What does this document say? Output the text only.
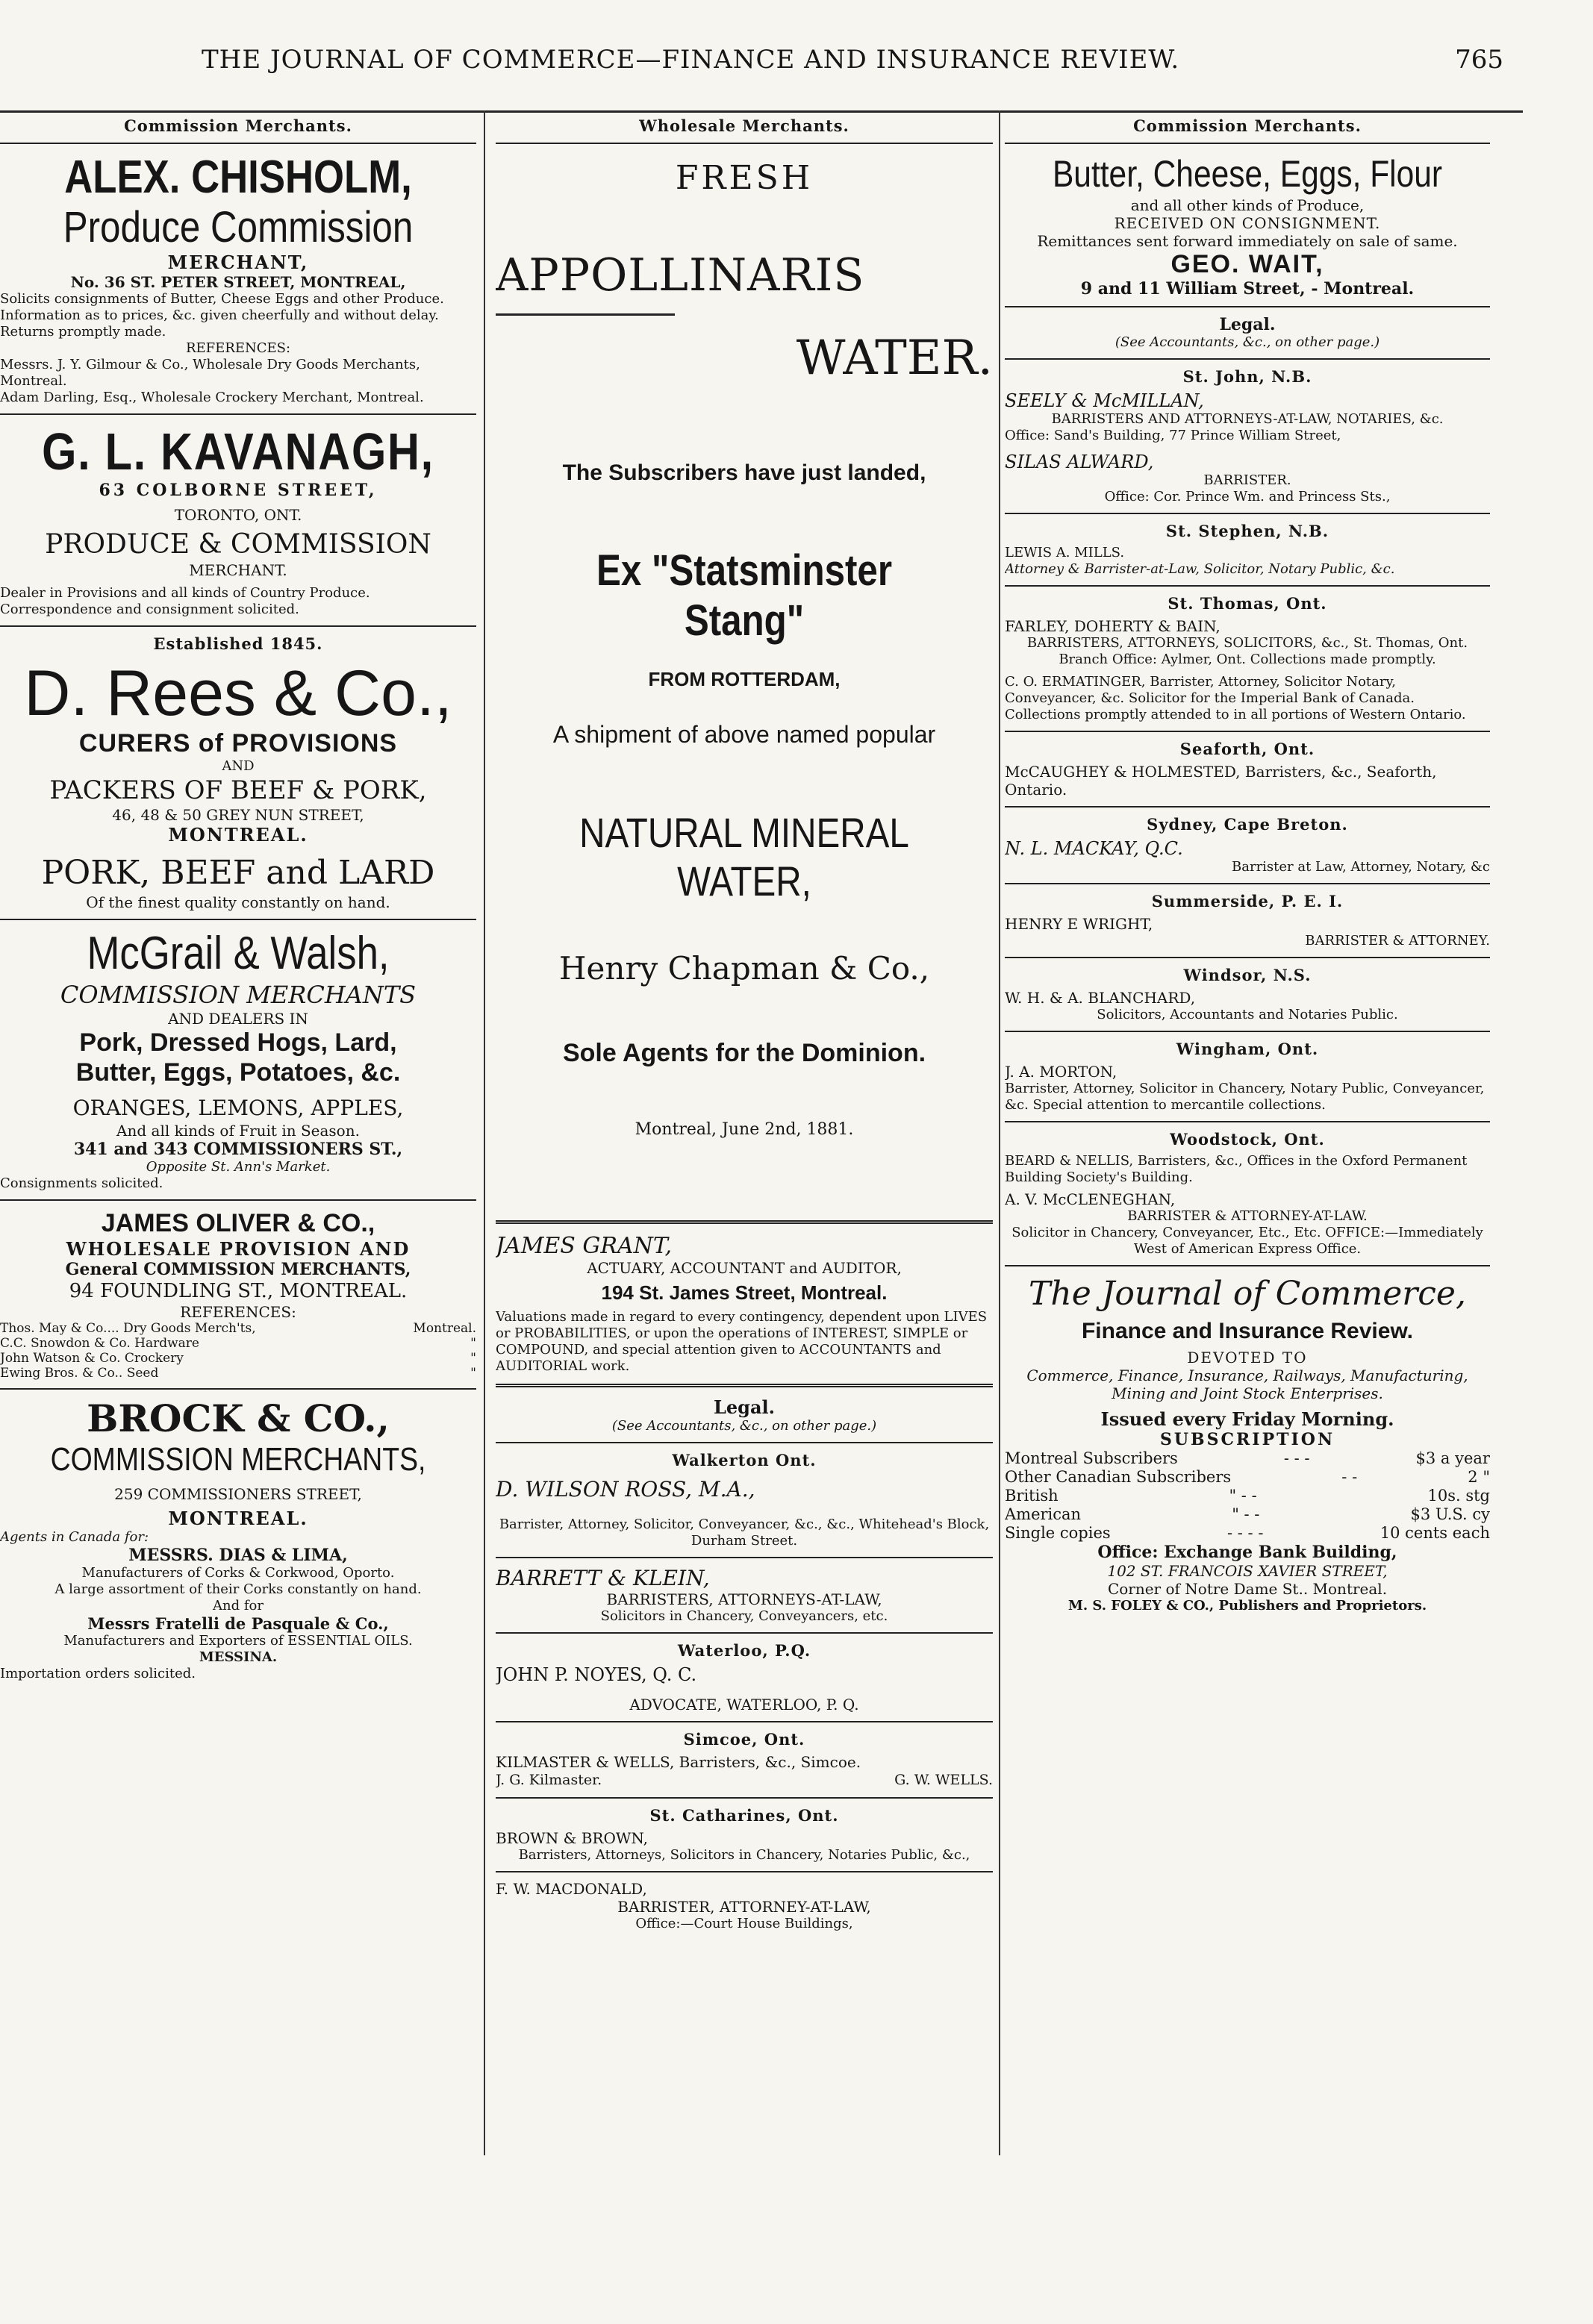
THE JOURNAL OF COMMERCE—FINANCE AND INSURANCE REVIEW.	765
Commission Merchants.
ALEX. CHISHOLM,
Produce Commission
MERCHANT,

No. 36 ST. PETER STREET, MONTREAL,

Solicits consignments of Butter, Cheese Eggs and other Produce.

Information as to prices, &c. given cheerfully and without delay. Returns promptly made.

REFERENCES:

Messrs. J. Y. Gilmour & Co., Wholesale Dry Goods Merchants, Montreal.

Adam Darling, Esq., Wholesale Crockery Merchant, Montreal.

G. L. KAVANAGH,
63 COLBORNE STREET,

TORONTO, ONT.

PRODUCE & COMMISSION

MERCHANT.

Dealer in Provisions and all kinds of Country Produce. Correspondence and consignment solicited.

Established 1845.
D. Rees & Co.,
CURERS of PROVISIONS

AND

PACKERS OF BEEF & PORK,

46, 48 & 50 GREY NUN STREET,

MONTREAL.
PORK, BEEF and LARD

Of the finest quality constantly on hand.

McGrail & Walsh,
COMMISSION MERCHANTS

AND DEALERS IN

Pork, Dressed Hogs, Lard,
Butter, Eggs, Potatoes, &c.
ORANGES, LEMONS, APPLES,

And all kinds of Fruit in Season.

341 and 343 COMMISSIONERS ST.,

Opposite St. Ann's Market.

Consignments solicited.

JAMES OLIVER & CO.,
WHOLESALE PROVISION AND
General COMMISSION MERCHANTS,
94 FOUNDLING ST., MONTREAL.

REFERENCES:

Thos. May & Co.... Dry Goods Merch'ts,	Montreal.
C.C. Snowdon & Co. Hardware	"
John Watson & Co. Crockery	"
Ewing Bros. & Co.. Seed	"
BROCK & CO.,
COMMISSION MERCHANTS,

259 COMMISSIONERS STREET,

MONTREAL.

Agents in Canada for:

MESSRS. DIAS & LIMA,

Manufacturers of Corks & Corkwood, Oporto.

A large assortment of their Corks constantly on hand.

And for

Messrs Fratelli de Pasquale & Co.,

Manufacturers and Exporters of ESSENTIAL OILS.

MESSINA.

Importation orders solicited.

Wholesale Merchants.
FRESH
APPOLLINARIS
WATER.
The Subscribers have just landed,
Ex "Statsminster Stang"
FROM ROTTERDAM,
A shipment of above named popular
NATURAL MINERAL WATER,
Henry Chapman & Co.,
Sole Agents for the Dominion.
Montreal, June 2nd, 1881.
JAMES GRANT,

ACTUARY, ACCOUNTANT and AUDITOR,

194 St. James Street, Montreal.

Valuations made in regard to every contingency, dependent upon LIVES or PROBABILITIES, or upon the operations of INTEREST, SIMPLE or COMPOUND, and special attention given to ACCOUNTANTS and AUDITORIAL work.

Legal.

(See Accountants, &c., on other page.)

Walkerton Ont.
D. WILSON ROSS, M.A.,

Barrister, Attorney, Solicitor, Conveyancer, &c., &c., Whitehead's Block, Durham Street.

BARRETT & KLEIN,

BARRISTERS, ATTORNEYS-AT-LAW,

Solicitors in Chancery, Conveyancers, etc.

Waterloo, P.Q.
JOHN P. NOYES, Q. C.

ADVOCATE, WATERLOO, P. Q.

Simcoe, Ont.

KILMASTER & WELLS, Barristers, &c., Simcoe.

J. G. Kilmaster.	G. W. WELLS.
St. Catharines, Ont.

BROWN & BROWN,

Barristers, Attorneys, Solicitors in Chancery, Notaries Public, &c.,

F. W. MACDONALD,

BARRISTER, ATTORNEY-AT-LAW,

Office:—Court House Buildings,

Commission Merchants.
Butter, Cheese, Eggs, Flour

and all other kinds of Produce,

RECEIVED ON CONSIGNMENT.

Remittances sent forward immediately on sale of same.

GEO. WAIT,
9 and 11 William Street, - Montreal.
Legal.

(See Accountants, &c., on other page.)

St. John, N.B.
SEELY & McMILLAN,

BARRISTERS AND ATTORNEYS-AT-LAW, NOTARIES, &c.

Office: Sand's Building, 77 Prince William Street,

SILAS ALWARD,

BARRISTER.

Office: Cor. Prince Wm. and Princess Sts.,

St. Stephen, N.B.

LEWIS A. MILLS.

Attorney & Barrister-at-Law, Solicitor, Notary Public, &c.

St. Thomas, Ont.

FARLEY, DOHERTY & BAIN,

BARRISTERS, ATTORNEYS, SOLICITORS, &c., St. Thomas, Ont. Branch Office: Aylmer, Ont. Collections made promptly.

C. O. ERMATINGER, Barrister, Attorney, Solicitor Notary, Conveyancer, &c. Solicitor for the Imperial Bank of Canada. Collections promptly attended to in all portions of Western Ontario.

Seaforth, Ont.

McCAUGHEY & HOLMESTED, Barristers, &c., Seaforth, Ontario.

Sydney, Cape Breton.
N. L. MACKAY, Q.C.

Barrister at Law, Attorney, Notary, &c

Summerside, P. E. I.

HENRY E WRIGHT,

BARRISTER & ATTORNEY.

Windsor, N.S.

W. H. & A. BLANCHARD,

Solicitors, Accountants and Notaries Public.

Wingham, Ont.

J. A. MORTON,

Barrister, Attorney, Solicitor in Chancery, Notary Public, Conveyancer, &c. Special attention to mercantile collections.

Woodstock, Ont.

BEARD & NELLIS, Barristers, &c., Offices in the Oxford Permanent Building Society's Building.

A. V. McCLENEGHAN,

BARRISTER & ATTORNEY-AT-LAW.

Solicitor in Chancery, Conveyancer, Etc., Etc. OFFICE:—Immediately West of American Express Office.

The Journal of Commerce,
Finance and Insurance Review.

DEVOTED TO

Commerce, Finance, Insurance, Railways, Manufacturing, Mining and Joint Stock Enterprises.

Issued every Friday Morning.
SUBSCRIPTION
Montreal Subscribers	- - -	$3 a year
Other Canadian Subscribers	- -	2 "
British	" - -	10s. stg
American	" - -	$3 U.S. cy
Single copies	- - - -	10 cents each
Office: Exchange Bank Building,

102 ST. FRANCOIS XAVIER STREET,

Corner of Notre Dame St.. Montreal.

M. S. FOLEY & CO., Publishers and Proprietors.
